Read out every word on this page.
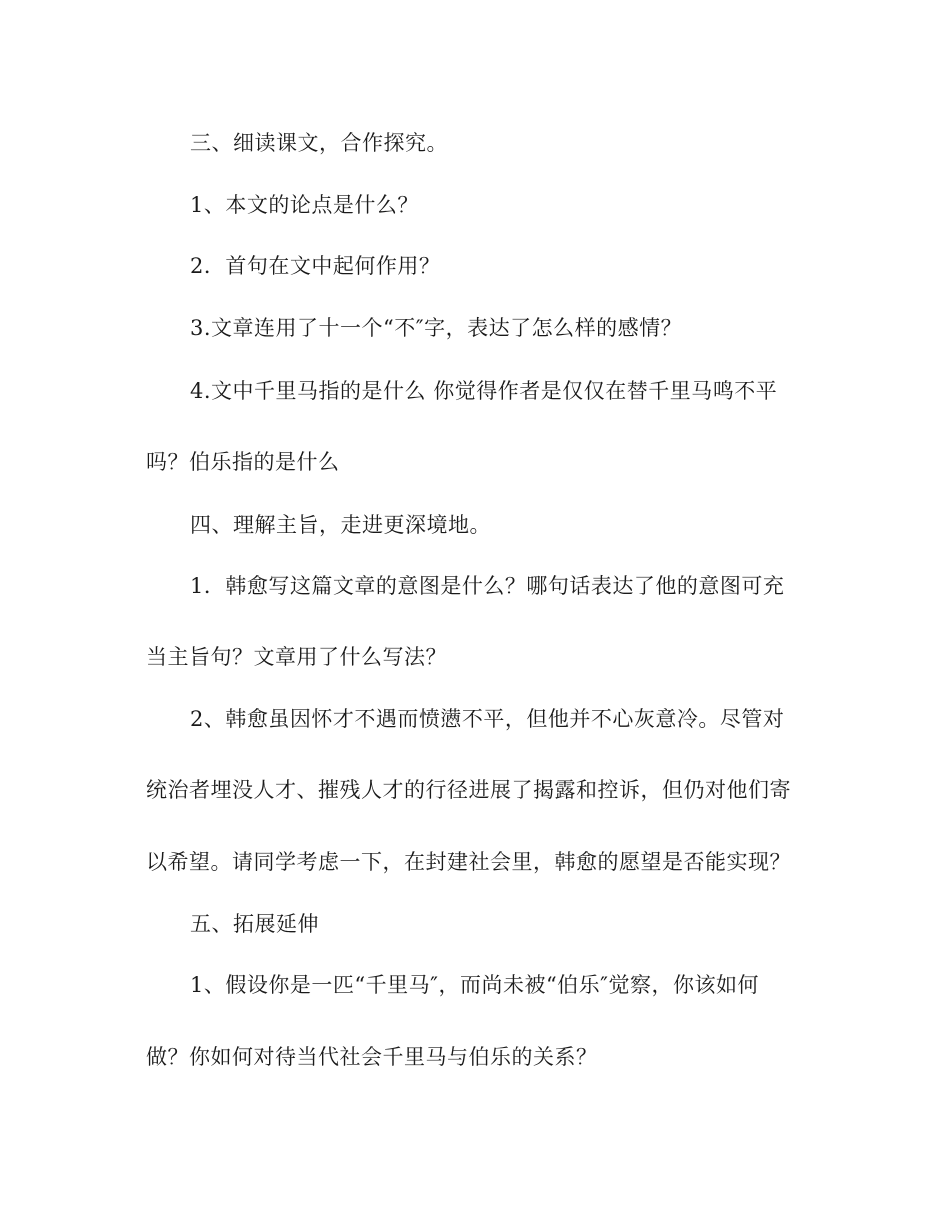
三、细读课文，合作探究。

1、本文的论点是什么？

2．首句在文中起何作用？

3.文章连用了十一个“不″字，表达了怎么样的感情？

4.文中千里马指的是什么 你觉得作者是仅仅在替千里马鸣不平

吗？伯乐指的是什么

四、理解主旨，走进更深境地。

1．韩愈写这篇文章的意图是什么？哪句话表达了他的意图可充

当主旨句？文章用了什么写法？

2、韩愈虽因怀才不遇而愤懑不平，但他并不心灰意冷。尽管对

统治者埋没人才、摧残人才的行径进展了揭露和控诉，但仍对他们寄

以希望。请同学考虑一下，在封建社会里，韩愈的愿望是否能实现？

五、拓展延伸

1、假设你是一匹“千里马″，而尚未被“伯乐″觉察，你该如何

做？你如何对待当代社会千里马与伯乐的关系？
